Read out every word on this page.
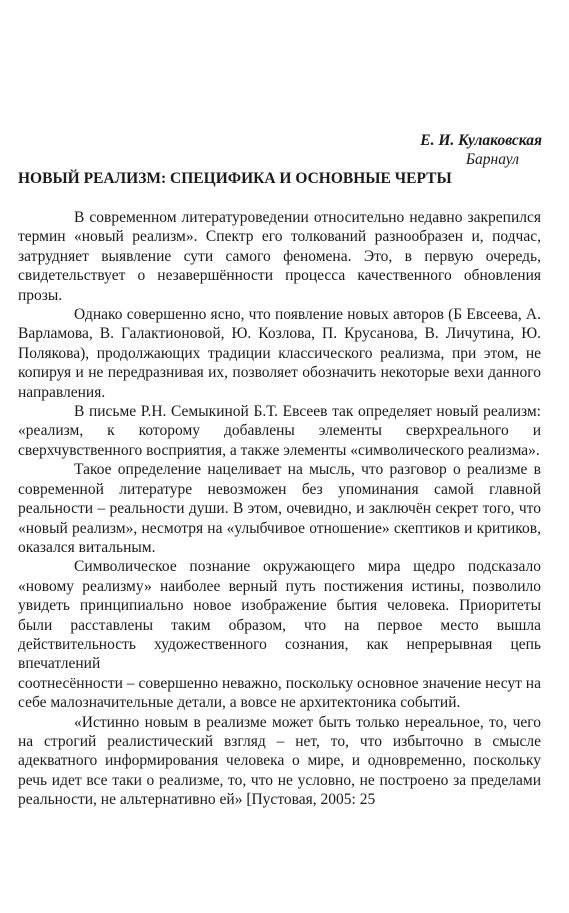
Е. И. Кулаковская
Барнаул
НОВЫЙ РЕАЛИЗМ: СПЕЦИФИКА И ОСНОВНЫЕ ЧЕРТЫ

В современном литературоведении относительно недавно закрепился термин «новый реализм». Спектр его толкований разнообразен и, подчас, затрудняет выявление сути самого феномена. Это, в первую очередь, свидетельствует о незавершённости процесса качественного обновления прозы.

Однако совершенно ясно, что появление новых авторов (Б Евсеева, А. Варламова, В. Галактионовой, Ю. Козлова, П. Крусанова, В. Личутина, Ю. Полякова), продолжающих традиции классического реализма, при этом, не копируя и не передразнивая их, позволяет обозначить некоторые вехи данного направления.

В письме Р.Н. Семыкиной Б.Т. Евсеев так определяет новый реализм: «реализм, к которому добавлены элементы сверхреального и сверхчувственного восприятия, а также элементы «символического реализма».

Такое определение нацеливает на мысль, что разговор о реализме в современной литературе невозможен без упоминания самой главной реальности – реальности души. В этом, очевидно, и заключён секрет того, что «новый реализм», несмотря на «улыбчивое отношение» скептиков и критиков, оказался витальным.

Символическое познание окружающего мира щедро подсказало «новому реализму» наиболее верный путь постижения истины, позволило увидеть принципиально новое изображение бытия человека. Приоритеты были расставлены таким образом, что на первое место вышла действительность художественного сознания, как непрерывная цепь впечатлений

соотнесённости – совершенно неважно, поскольку основное значение несут на себе малозначительные детали, а вовсе не архитектоника событий.

«Истинно новым в реализме может быть только нереальное, то, чего на строгий реалистический взгляд – нет, то, что избыточно в смысле адекватного информирования человека о мире, и одновременно, поскольку речь идет все таки о реализме, то, что не условно, не построено за пределами реальности, не альтернативно ей» [Пустовая, 2005: 25
